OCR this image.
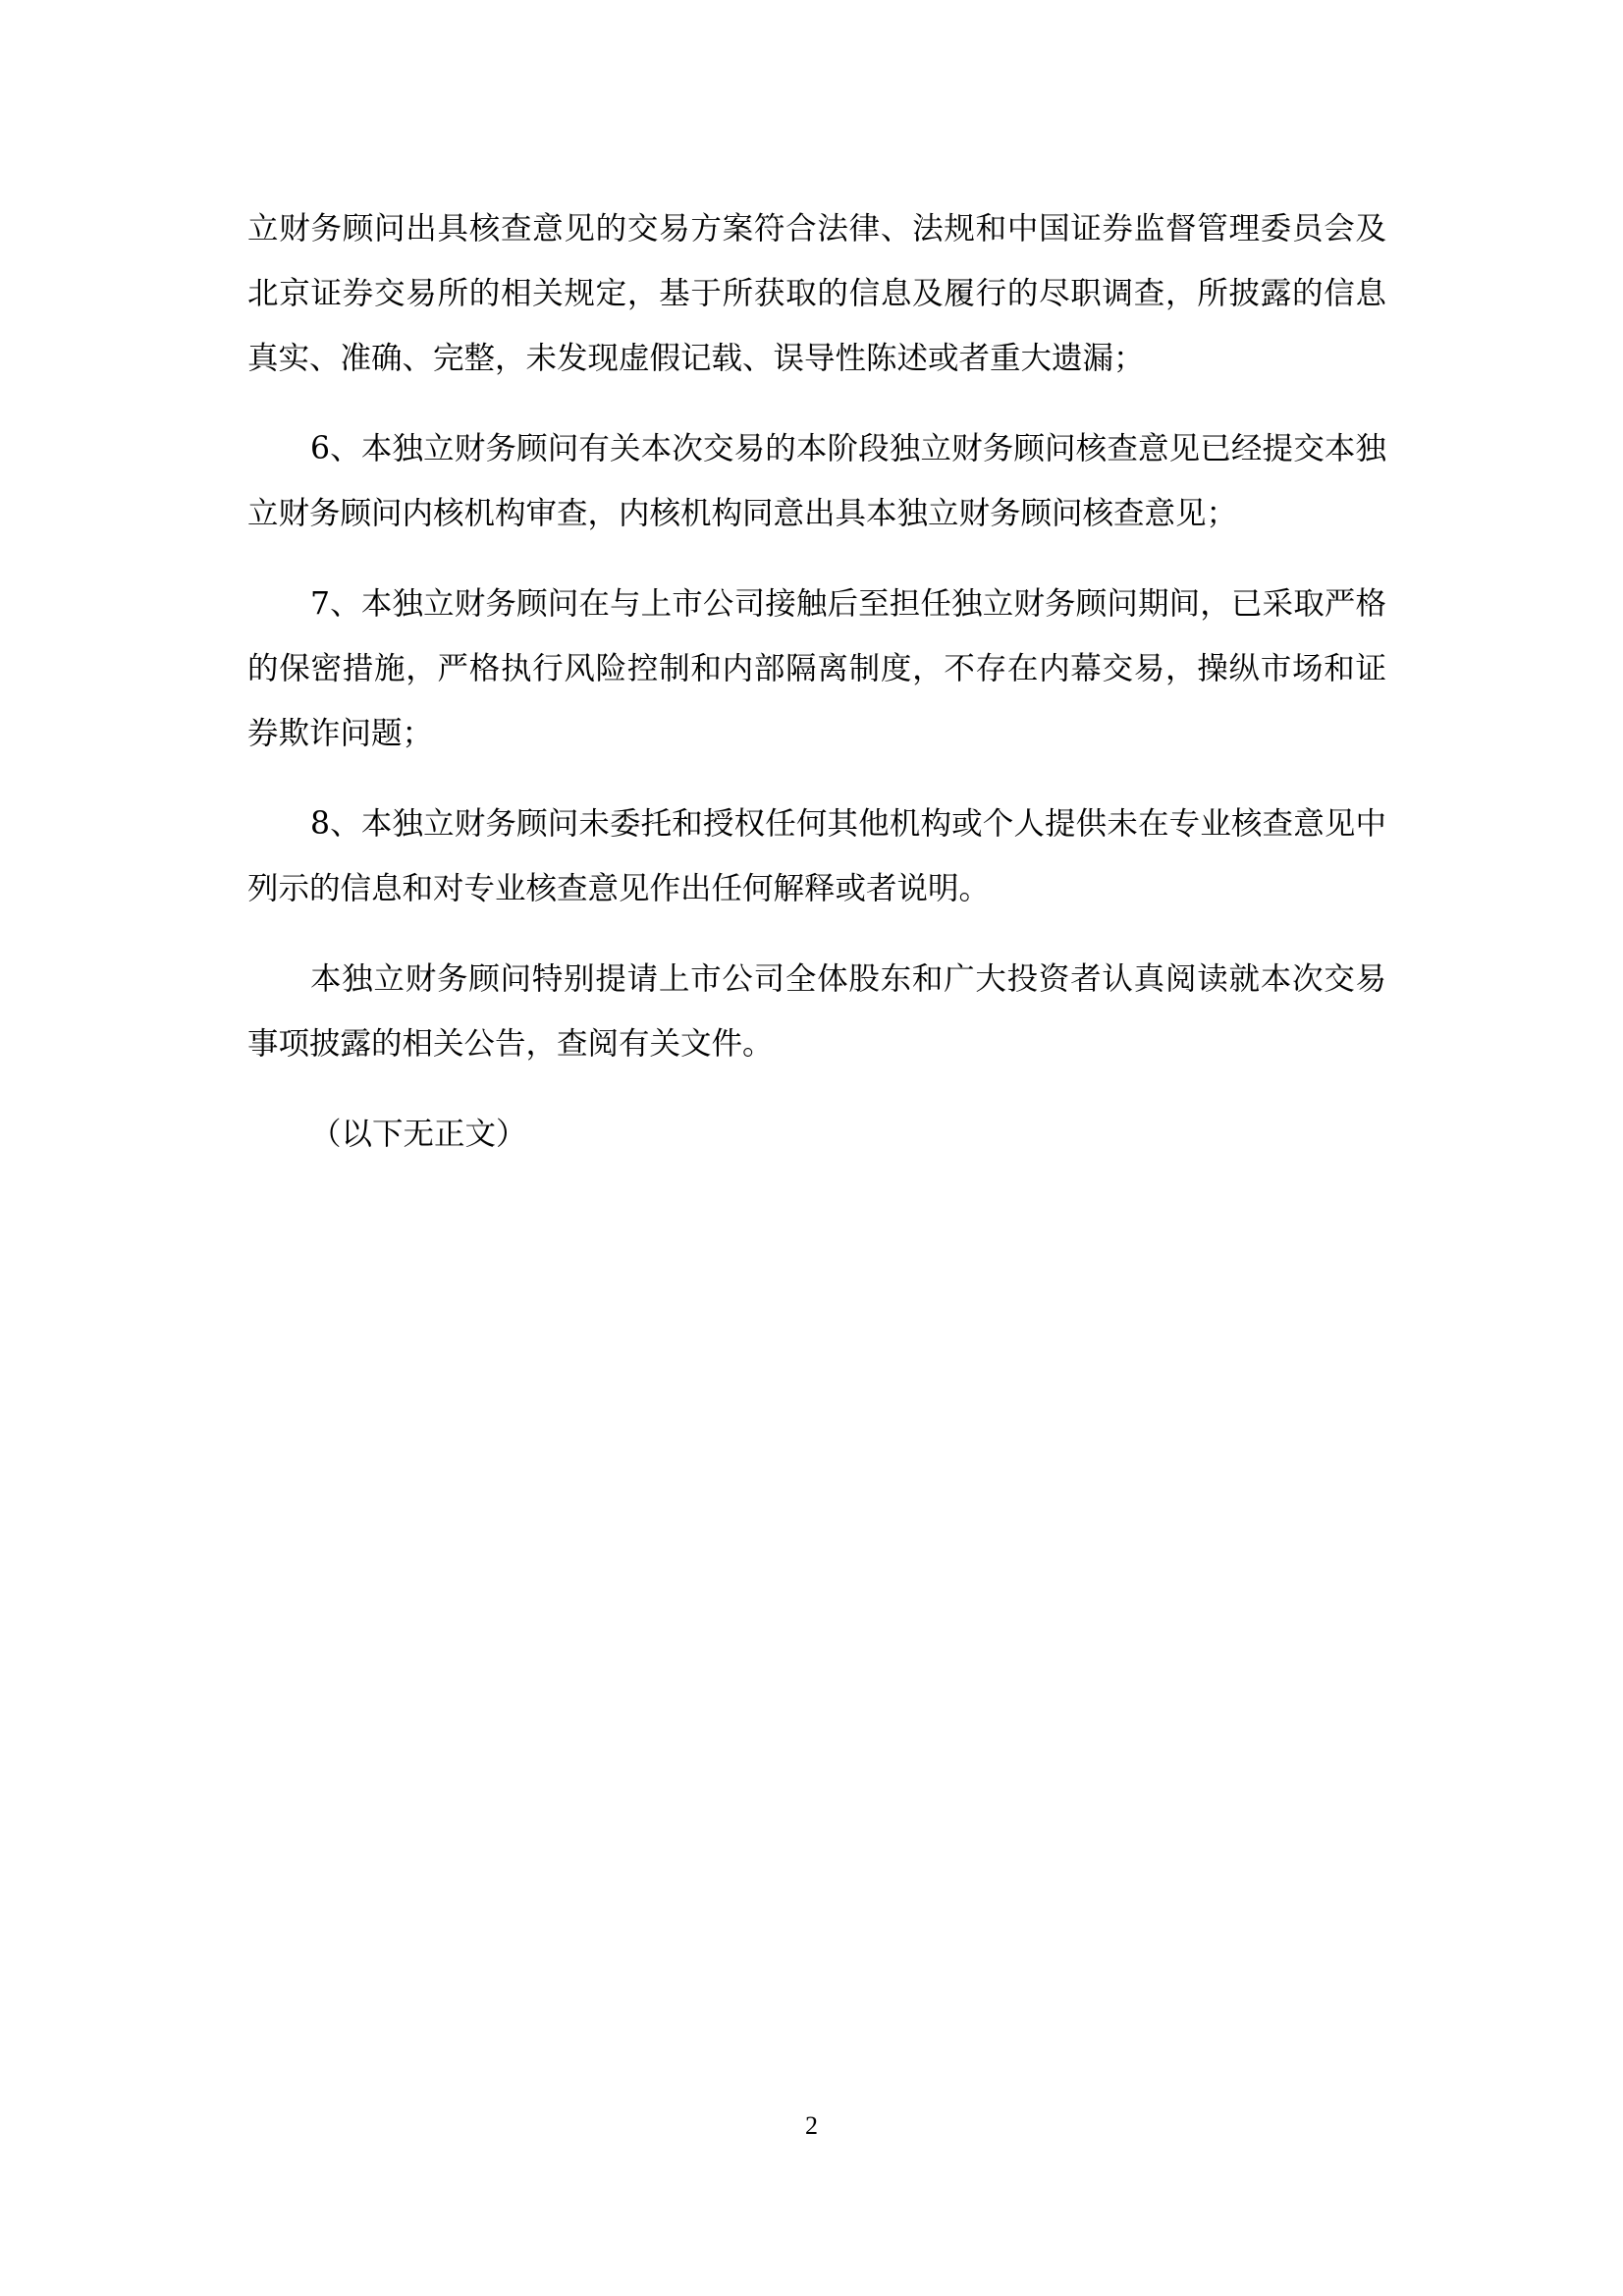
立财务顾问出具核查意见的交易方案符合法律、法规和中国证券监督管理委员会及北京证券交易所的相关规定，基于所获取的信息及履行的尽职调查，所披露的信息真实、准确、完整，未发现虚假记载、误导性陈述或者重大遗漏；

6、本独立财务顾问有关本次交易的本阶段独立财务顾问核查意见已经提交本独立财务顾问内核机构审查，内核机构同意出具本独立财务顾问核查意见；

7、本独立财务顾问在与上市公司接触后至担任独立财务顾问期间，已采取严格的保密措施，严格执行风险控制和内部隔离制度，不存在内幕交易，操纵市场和证券欺诈问题；

8、本独立财务顾问未委托和授权任何其他机构或个人提供未在专业核查意见中列示的信息和对专业核查意见作出任何解释或者说明。

本独立财务顾问特别提请上市公司全体股东和广大投资者认真阅读就本次交易事项披露的相关公告，查阅有关文件。

（以下无正文）

2
